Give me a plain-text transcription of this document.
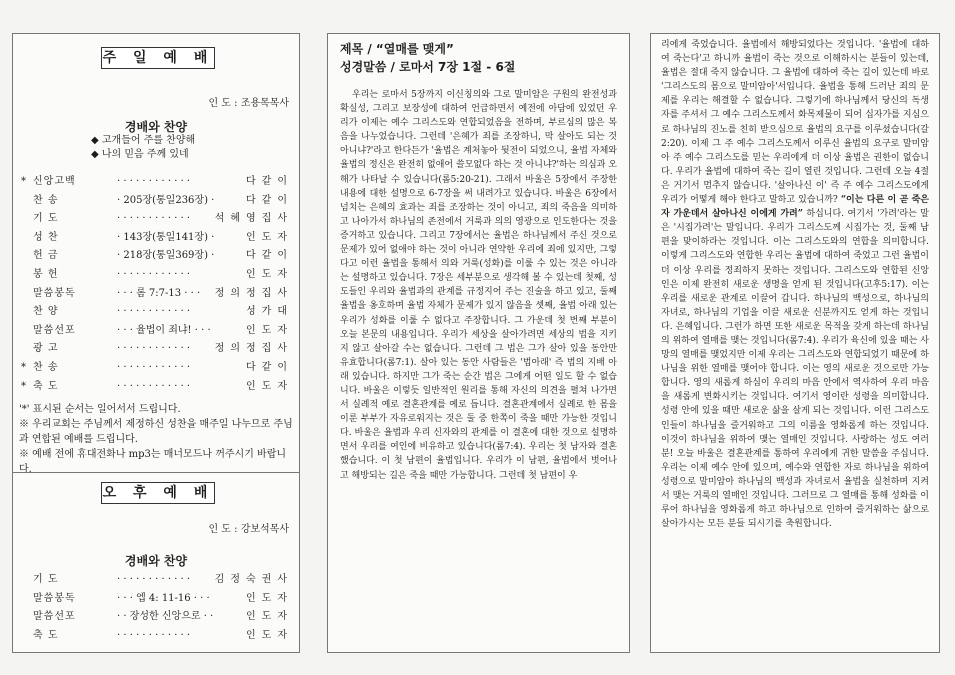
주 일 예 배
인 도 : 조용목목사
경배와 찬양
◆ 고개들어 주를 찬양해
◆ 나의 믿음 주께 있네
* 신앙고백	· · · · · · · · · · · ·	다같이
찬 송	· 205장(통일236장) ·	다같이
기 도	· · · · · · · · · · · · 석혜영집사
성 찬	· 143장(통일141장) ·	인도자
헌 금	· 218장(통일369장) ·	다같이
봉 헌	· · · · · · · · · · · ·	인도자
말씀봉독	· · · 롬 7:7-13 · · · 정의정집사
찬 양	· · · · · · · · · · · ·	성가대
말씀선포	· · · 율법이 죄냐! · · ·	인도자
광 고	· · · · · · · · · · · · 정의정집사
* 찬 송	· · · · · · · · · · · ·	다같이
* 축 도	· · · · · · · · · · · ·	인도자
'*' 표시된 순서는 일어서서 드립니다.
※ 우리교회는 주님께서 제정하신 성찬을 매주일 나누므로 주님과 연합된 예배를 드립니다.
※ 예배 전에 휴대전화나 mp3는 매너모드나 꺼주시기 바랍니다.
오 후 예 배
인 도 : 강보석목사
경배와 찬양
기 도	· · · · · · · · · · · · 김정숙권사
말씀봉독	· · · 엡 4: 11-16 · · ·	인도자
말씀선포	· · 장성한 신앙으로 · ·	인도자
축 도	· · · · · · · · · · · ·	인도자
제목 / “열매를 맺게”
성경말씀 / 로마서 7장 1절 - 6절
우리는 로마서 5장까지 이신칭의와 그로 말미암은 구원의 완전성과 확실성, 그리고 보장성에 대하여 언급하면서 예전에 아담에 있었던 우리가 이제는 예수 그리스도와 연합되었음을 전하며, 부르심의 많은 복음을 나누었습니다. 그런데 '은혜가 죄를 조장하니, 막 살아도 되는 것 아니냐?'라고 한다든가 '율법은 계처놓아 뒷전이 되었으니, 율법 자체와 율법의 정신은 완전히 없애어 쓸모없다 하는 것 아니냐?'하는 의심과 오해가 나타날 수 있습니다(롬5:20-21). 그래서 바울은 5장에서 주장한 내용에 대한 설명으로 6-7장을 써 내려가고 있습니다. 바울은 6장에서 넘치는 은혜의 효과는 죄를 조장하는 것이 아니고, 죄의 죽음을 의미하고 나아가서 하나님의 존전에서 거룩과 의의 영광으로 인도한다는 것을 증거하고 있습니다. 그리고 7장에서는 율법은 하나님께서 주신 것으로 문제가 있어 없애야 하는 것이 아니라 연약한 우리에 죄에 있지만, 그렇다고 이런 율법을 통해서 의와 거룩(성화)를 이룰 수 있는 것은 아니라는 설명하고 있습니다. 7장은 세부분으로 생각해 볼 수 있는데 첫째, 성도들인 우리와 율법과의 관계를 규정지어 주는 진술을 하고 있고, 둘째 율법을 옹호하며 율법 자체가 문제가 있지 않음을 셋째, 율법 아래 있는 우리가 성화를 이룰 수 없다고 주장합니다. 그 가운데 첫 번째 부분이 오늘 본문의 내용입니다. 우리가 세상을 살아가려면 세상의 법을 지키지 않고 살아갈 수는 없습니다. 그런데 그 법은 그가 살아 있을 동안만 유효합니다(롬7:1). 살아 있는 동안 사람들은 '법아래' 즉 법의 지배 아래 있습니다. 하지만 그가 죽는 순간 법은 그에게 어떤 일도 할 수 없습니다. 바울은 이렇듯 일반적인 원리를 통해 자신의 의견을 펼쳐 나가면서 실례적 예로 결혼관계를 예로 듭니다. 결혼관계에서 실례로 한 몸을 이룬 부부가 자유로워지는 것은 둘 중 한쪽이 죽을 때만 가능한 것입니다. 바울은 율법과 우리 신자와의 관계를 이 결혼에 대한 것으로 설명하면서 우리를 여인에 비유하고 있습니다(롬7:4). 우리는 첫 남자와 결혼했습니다. 이 첫 남편이 율법입니다. 우리가 이 남편, 율법에서 벗어나고 해방되는 길은 죽을 때만 가능합니다. 그런데 첫 남편이 우
리에게 죽었습니다. 율법에서 해방되었다는 것입니다. '율법에 대하여 죽는다'고 하니까 율법이 죽는 것으로 이해하시는 분들이 있는데, 율법은 절대 죽지 않습니다. 그 율법에 대하여 죽는 길이 있는데 바로 '그리스도의 몸으로 말미암아'서입니다. 율법을 통해 드러난 죄의 문제를 우리는 해결할 수 없습니다. 그렇기에 하나님께서 당신의 독생자를 주셔서 그 예수 그리스도께서 화목제물이 되어 십자가를 지심으로 하나님의 진노를 친히 받으심으로 율법의 요구를 이루셨습니다(갈2:20). 이제 그 주 예수 그리스도께서 이루신 율법의 요구로 말미암아 주 예수 그리스도를 믿는 우리에게 더 이상 율법은 권한이 없습니다. 우리가 율법에 대하여 죽는 길이 열린 것입니다. 그런데 오늘 4절은 거기서 멈추지 않습니다. '살아나신 이' 즉 주 예수 그리스도에게 우리가 어떻게 해야 한다고 말하고 있습니까? “이는 다른 이 곧 죽은 자 가운데서 살아나신 이에게 가려” 하십니다. 여기서 '가려'라는 말은 '시집가려'는 말입니다. 우리가 그리스도께 시집가는 것, 둘째 남편을 맞이하라는 것입니다. 이는 그리스도와의 연합을 의미합니다. 이렇게 그리스도와 연합한 우리는 율법에 대하여 죽었고 그런 율법이 더 이상 우리를 정죄하지 못하는 것입니다. 그리스도와 연합된 신앙인은 이제 완전히 새로운 생명을 얻게 된 것입니다(고후5:17). 이는 우리를 새로운 관계로 이끌어 갑니다. 하나님의 백성으로, 하나님의 자녀로, 하나님의 기업을 이끌 새로운 신분까지도 얻게 하는 것입니다. 은혜입니다. 그런가 하면 또한 새로운 목적을 갖게 하는데 하나님의 위하여 열매를 맺는 것입니다(롬7:4). 우리가 육신에 있을 때는 사망의 열매를 맺었지만 이제 우리는 그리스도와 연합되었기 때문에 하나님을 위한 열매를 맺어야 합니다. 이는 영의 새로운 것으로만 가능합니다. 영의 새롭게 하심이 우리의 마음 안에서 역사하여 우리 마음을 새롭게 변화시키는 것입니다. 여기서 영이란 성령을 의미합니다. 성령 안에 있을 때만 새로운 삶을 살게 되는 것입니다. 이런 그리스도인들이 하나님을 즐거워하고 그의 이름을 영화롭게 하는 것입니다. 이것이 하나님을 위하여 맺는 열매인 것입니다. 사랑하는 성도 여러분! 오늘 바울은 결혼관계를 통하여 우리에게 귀한 말씀을 주십니다. 우리는 이제 예수 안에 있으며, 예수와 연합한 자로 하나님을 위하여 성령으로 말미암아 하나님의 백성과 자녀로서 율법을 실천하며 지켜서 맺는 거룩의 열매인 것입니다. 그러므로 그 열매를 통해 성화를 이루어 하나님을 영화롭게 하고 하나님으로 인하여 즐거워하는 삶으로 살아가시는 모든 분들 되시기를 축원합니다.
